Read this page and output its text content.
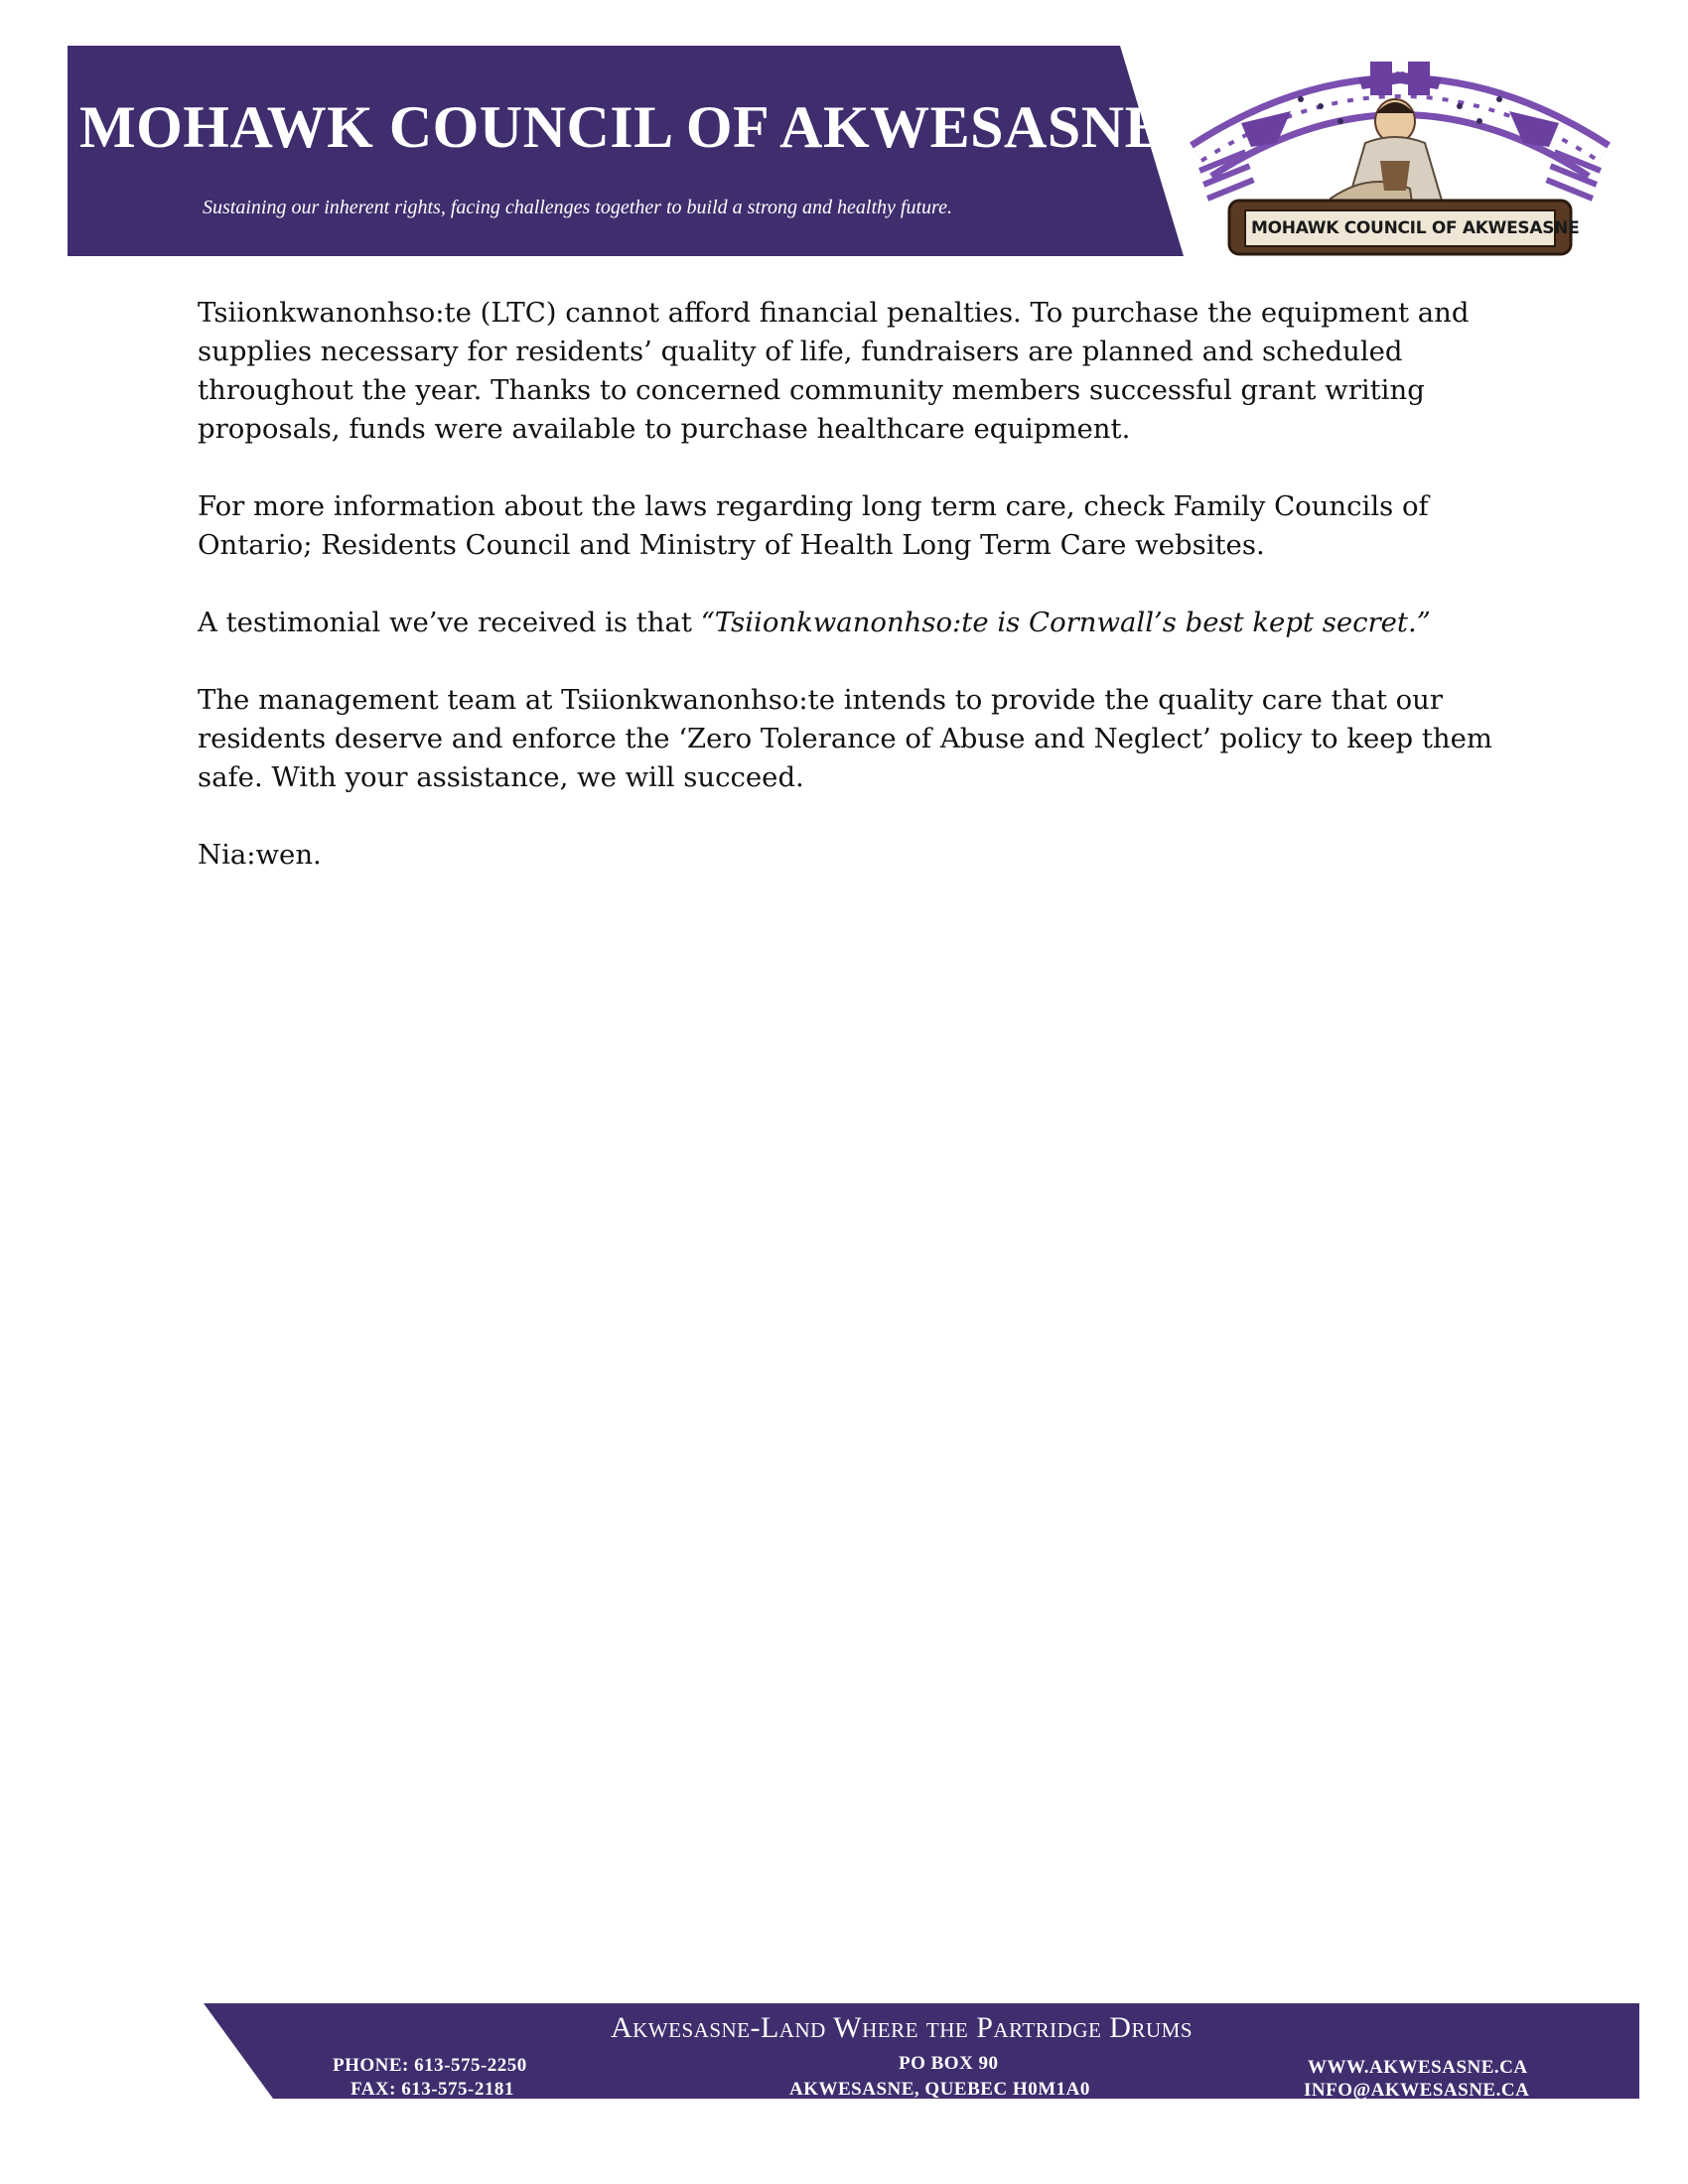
MOHAWK COUNCIL OF AKWESASNE
Sustaining our inherent rights, facing challenges together to build a strong and healthy future.
MOHAWK COUNCIL OF AKWESASNE

Tsiionkwanonhso:te (LTC) cannot afford financial penalties. To purchase the equipment and supplies necessary for residents’ quality of life, fundraisers are planned and scheduled throughout the year. Thanks to concerned community members successful grant writing proposals, funds were available to purchase healthcare equipment.

For more information about the laws regarding long term care, check Family Councils of Ontario; Residents Council and Ministry of Health Long Term Care websites.

A testimonial we’ve received is that “Tsiionkwanonhso:te is Cornwall’s best kept secret.”

The management team at Tsiionkwanonhso:te intends to provide the quality care that our residents deserve and enforce the ‘Zero Tolerance of Abuse and Neglect’ policy to keep them safe. With your assistance, we will succeed.

Nia:wen.

Akwesasne-Land Where the Partridge Drums
PHONE: 613-575-2250
FAX: 613-575-2181
PO BOX 90
AKWESASNE, QUEBEC H0M1A0
WWW.AKWESASNE.CA
INFO@AKWESASNE.CA
